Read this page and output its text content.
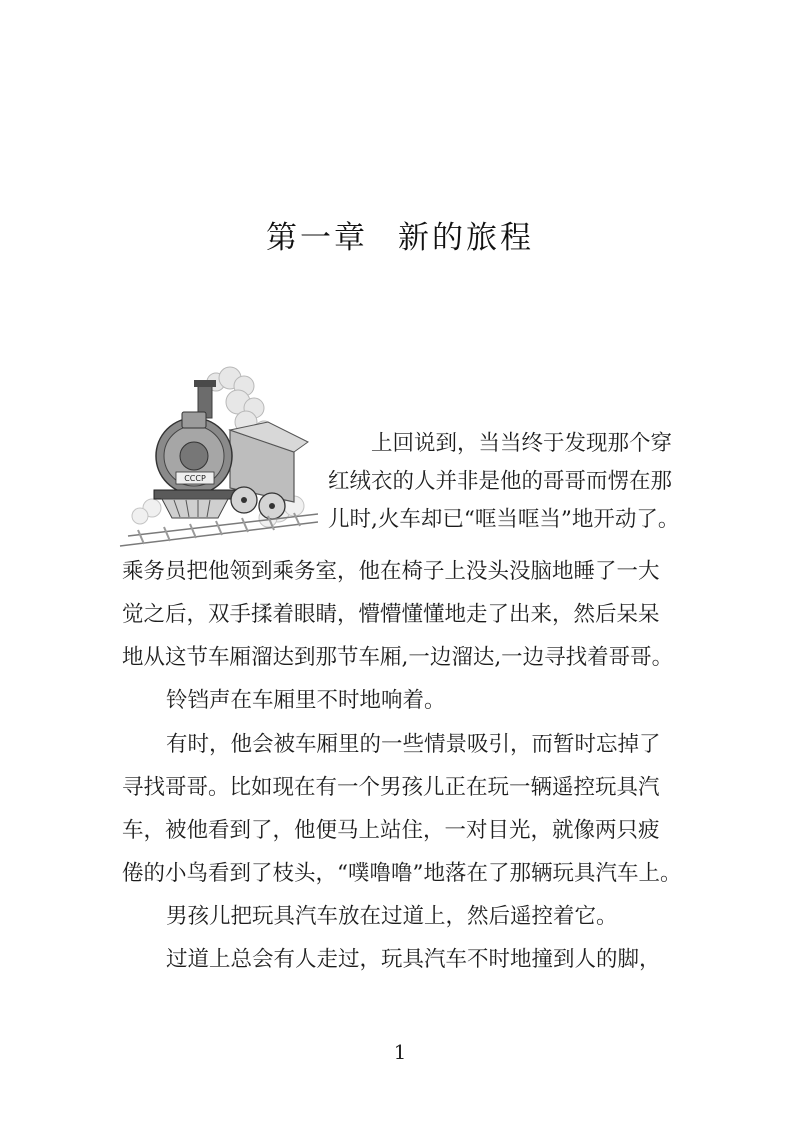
第一章 新的旅程
CCCP
上回说到，当当终于发现那个穿
红绒衣的人并非是他的哥哥而愣在那
儿时,火车却已“哐当哐当”地开动了。
乘务员把他领到乘务室，他在椅子上没头没脑地睡了一大
觉之后，双手揉着眼睛，懵懵懂懂地走了出来，然后呆呆
地从这节车厢溜达到那节车厢,一边溜达,一边寻找着哥哥。
铃铛声在车厢里不时地响着。
有时，他会被车厢里的一些情景吸引，而暂时忘掉了
寻找哥哥。比如现在有一个男孩儿正在玩一辆遥控玩具汽
车，被他看到了，他便马上站住，一对目光，就像两只疲
倦的小鸟看到了枝头，“噗噜噜”地落在了那辆玩具汽车上。
男孩儿把玩具汽车放在过道上，然后遥控着它。
过道上总会有人走过，玩具汽车不时地撞到人的脚，
1
